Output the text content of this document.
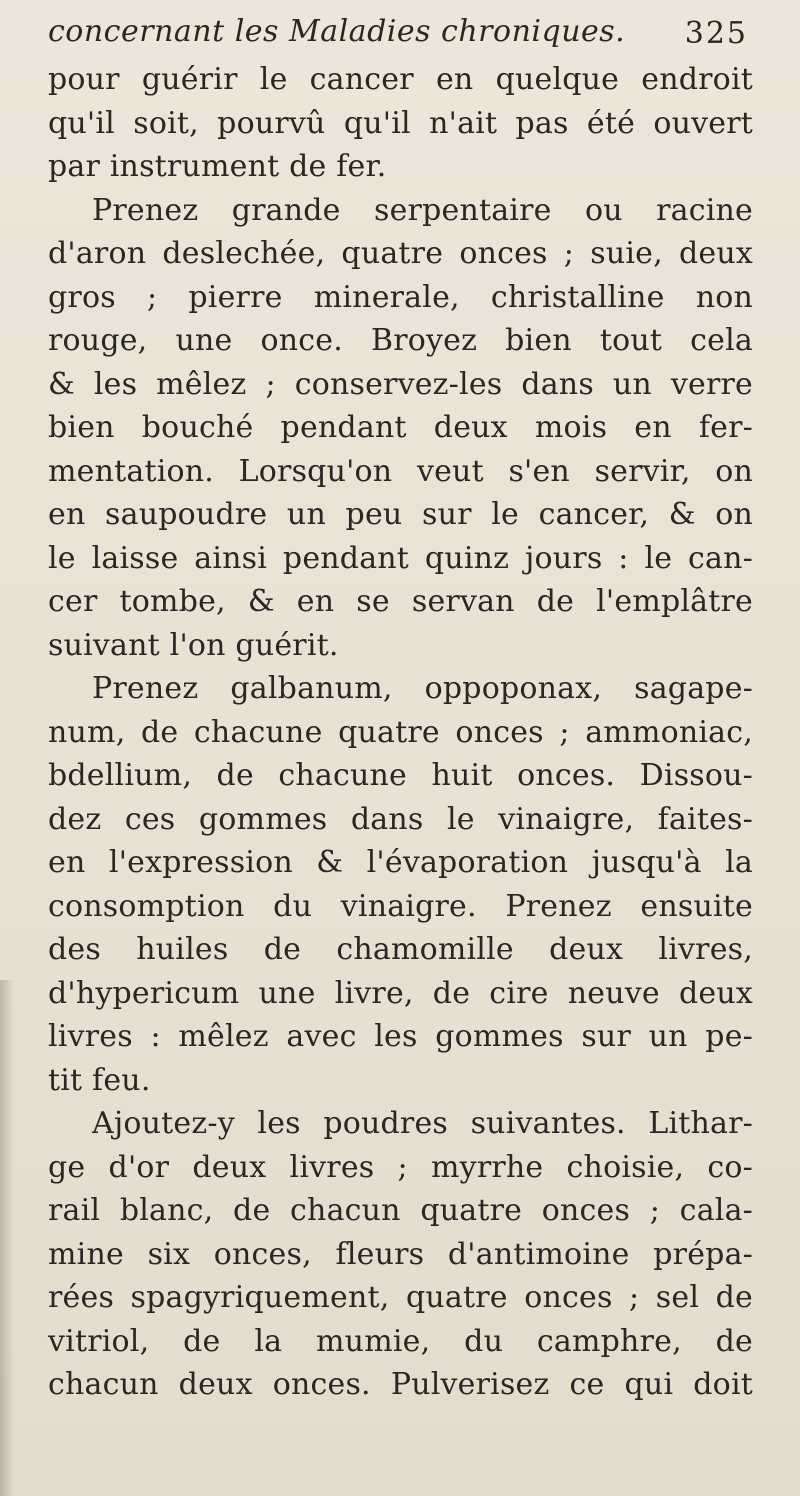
concernant les Maladies chroniques. 325
pour guérir le cancer en quelque endroit
qu'il soit, pourvû qu'il n'ait pas été ouvert
par instrument de fer.
Prenez grande serpentaire ou racine
d'aron deslechée, quatre onces ; suie, deux
gros ; pierre minerale, christalline non
rouge, une once. Broyez bien tout cela
& les mêlez ; conservez-les dans un verre
bien bouché pendant deux mois en fer-
mentation. Lorsqu'on veut s'en servir, on
en saupoudre un peu sur le cancer, & on
le laisse ainsi pendant quinz jours : le can-
cer tombe, & en se servan de l'emplâtre
suivant l'on guérit.
Prenez galbanum, oppoponax, sagape-
num, de chacune quatre onces ; ammoniac,
bdellium, de chacune huit onces. Dissou-
dez ces gommes dans le vinaigre, faites-
en l'expression & l'évaporation jusqu'à la
consomption du vinaigre. Prenez ensuite
des huiles de chamomille deux livres,
d'hypericum une livre, de cire neuve deux
livres : mêlez avec les gommes sur un pe-
tit feu.
Ajoutez-y les poudres suivantes. Lithar-
ge d'or deux livres ; myrrhe choisie, co-
rail blanc, de chacun quatre onces ; cala-
mine six onces, fleurs d'antimoine prépa-
rées spagyriquement, quatre onces ; sel de
vitriol, de la mumie, du camphre, de
chacun deux onces. Pulverisez ce qui doit
